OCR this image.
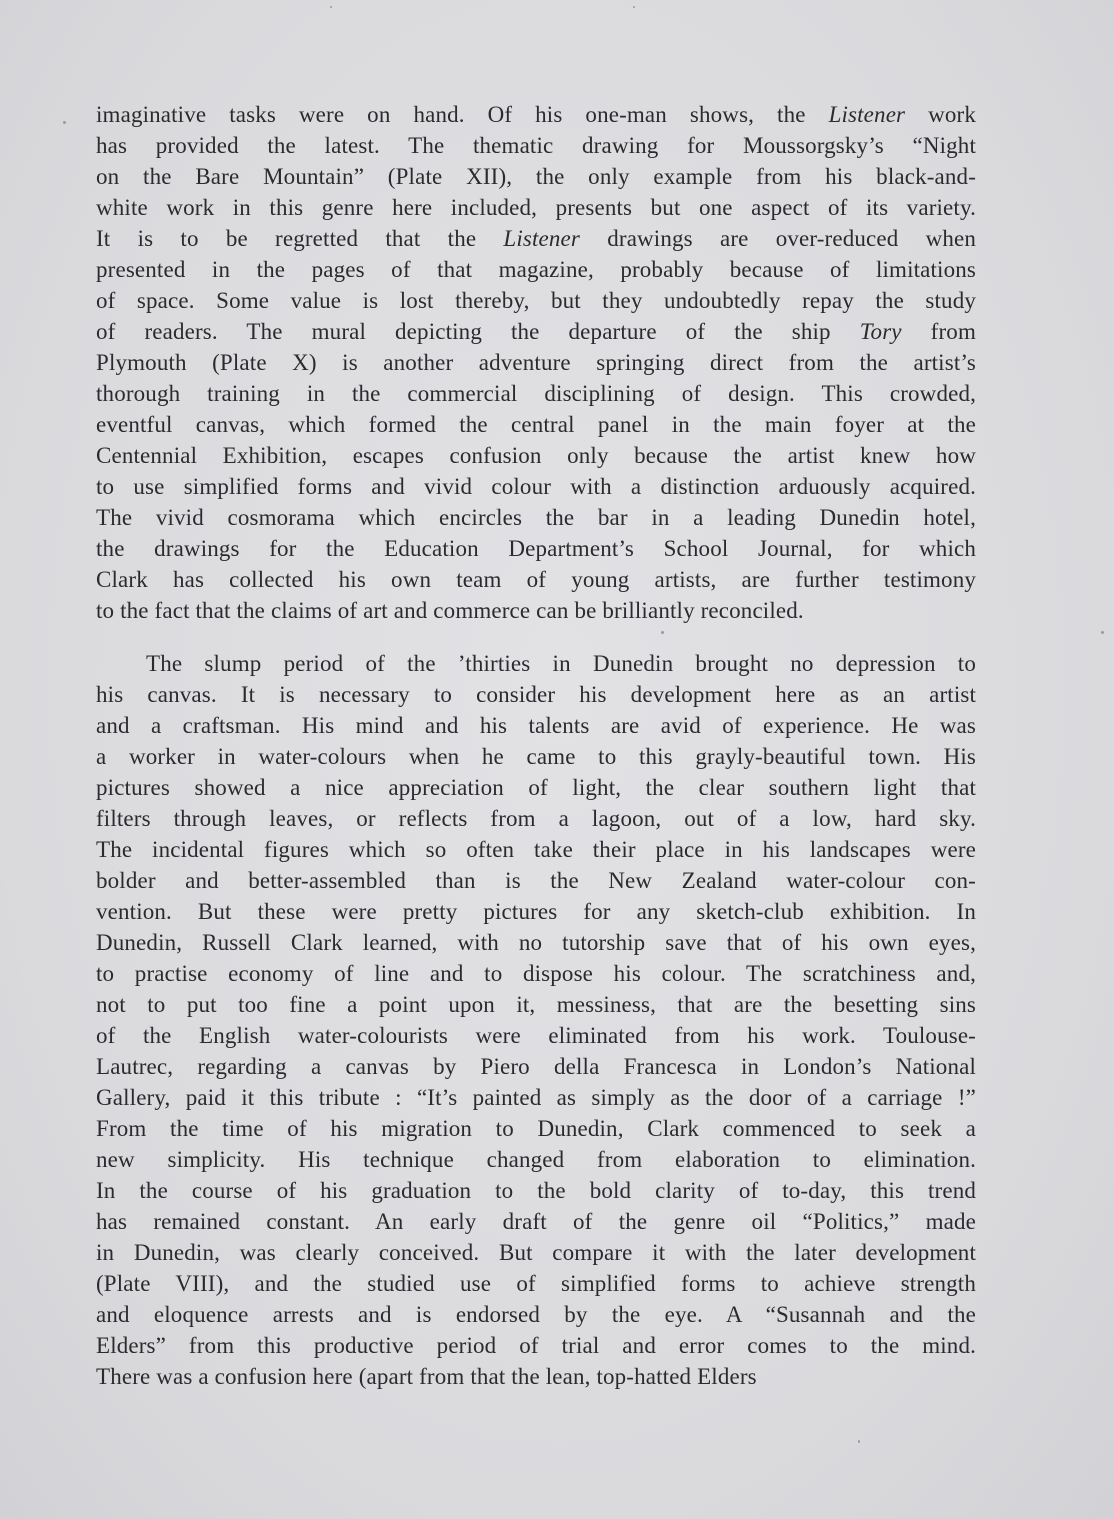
imaginative tasks were on hand. Of his one-man shows, the Listener work
has provided the latest. The thematic drawing for Moussorgsky’s “Night
on the Bare Mountain” (Plate XII), the only example from his black-and-
white work in this genre here included, presents but one aspect of its variety.
It is to be regretted that the Listener drawings are over-reduced when
presented in the pages of that magazine, probably because of limitations
of space. Some value is lost thereby, but they undoubtedly repay the study
of readers. The mural depicting the departure of the ship Tory from
Plymouth (Plate X) is another adventure springing direct from the artist’s
thorough training in the commercial disciplining of design. This crowded,
eventful canvas, which formed the central panel in the main foyer at the
Centennial Exhibition, escapes confusion only because the artist knew how
to use simplified forms and vivid colour with a distinction arduously acquired.
The vivid cosmorama which encircles the bar in a leading Dunedin hotel,
the drawings for the Education Department’s School Journal, for which
Clark has collected his own team of young artists, are further testimony
to the fact that the claims of art and commerce can be brilliantly reconciled.
The slump period of the ’thirties in Dunedin brought no depression to
his canvas. It is necessary to consider his development here as an artist
and a craftsman. His mind and his talents are avid of experience. He was
a worker in water-colours when he came to this grayly-beautiful town. His
pictures showed a nice appreciation of light, the clear southern light that
filters through leaves, or reflects from a lagoon, out of a low, hard sky.
The incidental figures which so often take their place in his landscapes were
bolder and better-assembled than is the New Zealand water-colour con-
vention. But these were pretty pictures for any sketch-club exhibition. In
Dunedin, Russell Clark learned, with no tutorship save that of his own eyes,
to practise economy of line and to dispose his colour. The scratchiness and,
not to put too fine a point upon it, messiness, that are the besetting sins
of the English water-colourists were eliminated from his work. Toulouse-
Lautrec, regarding a canvas by Piero della Francesca in London’s National
Gallery, paid it this tribute : “It’s painted as simply as the door of a carriage !”
From the time of his migration to Dunedin, Clark commenced to seek a
new simplicity. His technique changed from elaboration to elimination.
In the course of his graduation to the bold clarity of to-day, this trend
has remained constant. An early draft of the genre oil “Politics,” made
in Dunedin, was clearly conceived. But compare it with the later development
(Plate VIII), and the studied use of simplified forms to achieve strength
and eloquence arrests and is endorsed by the eye. A “Susannah and the
Elders” from this productive period of trial and error comes to the mind.
There was a confusion here (apart from that the lean, top-hatted Elders
